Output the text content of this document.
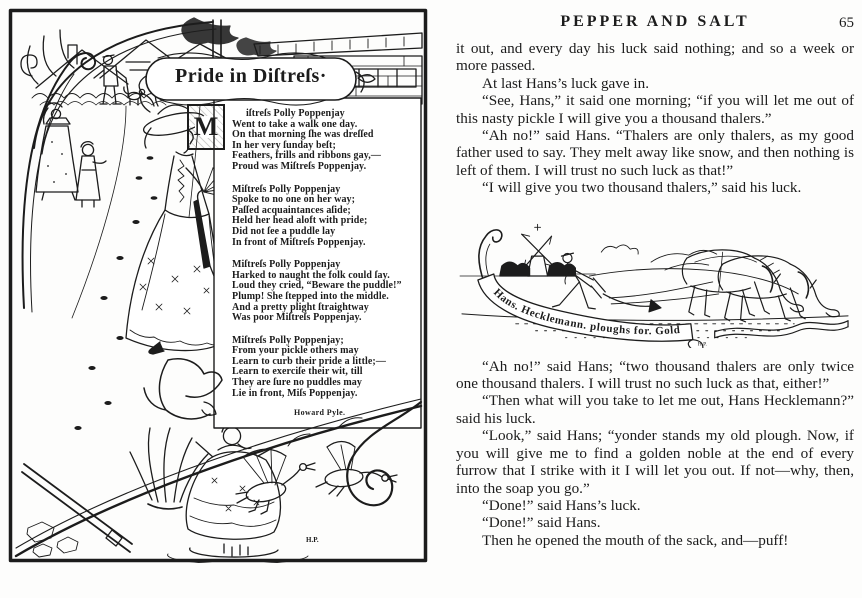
Pride in Diſtreſs·
M	iſtreſs Polly Poppenjay
Went to take a walk one day.
On that morning ſhe was dreſſed
In her very ſunday beſt;
Feathers, frills and ribbons gay,—
Proud was Miſtreſs Poppenjay.
Miſtreſs Polly Poppenjay
Spoke to no one on her way;
Paſſed acquaintances aſide;
Held her head aloft with pride;
Did not ſee a puddle lay
In front of Miſtreſs Poppenjay.
Miſtreſs Polly Poppenjay
Harked to naught the folk could ſay.
Loud they cried, “Beware the puddle!”
Plump! She ſtepped into the middle.
And a pretty plight ſtraightway
Was poor Miſtreſs Poppenjay.
Miſtreſs Polly Poppenjay;
From your pickle others may
Learn to curb their pride a little;—
Learn to exerciſe their wit, till
They are ſure no puddles may
Lie in front, Miſs Poppenjay.
Howard Pyle.
H.P.
PEPPER AND SALT	65

it out, and every day his luck said nothing; and so a week or more passed.

At last Hans’s luck gave in.

“See, Hans,” it said one morning; “if you will let me out of this nasty pickle I will give you a thousand thalers.”

“Ah no!” said Hans. “Thalers are only thalers, as my good father used to say. They melt away like snow, and then nothing is left of them. I will trust no such luck as that!”

“I will give you two thousand thalers,” said his luck.

Hans. Hecklemann. ploughs for. Gold
H.P.

“Ah no!” said Hans; “two thousand thalers are only twice one thousand thalers. I will trust no such luck as that, either!”

“Then what will you take to let me out, Hans Hecklemann?” said his luck.

“Look,” said Hans; “yonder stands my old plough. Now, if you will give me to find a golden noble at the end of every furrow that I strike with it I will let you out. If not—why, then, into the soap you go.”

“Done!” said Hans’s luck.

“Done!” said Hans.

Then he opened the mouth of the sack, and—puff!
